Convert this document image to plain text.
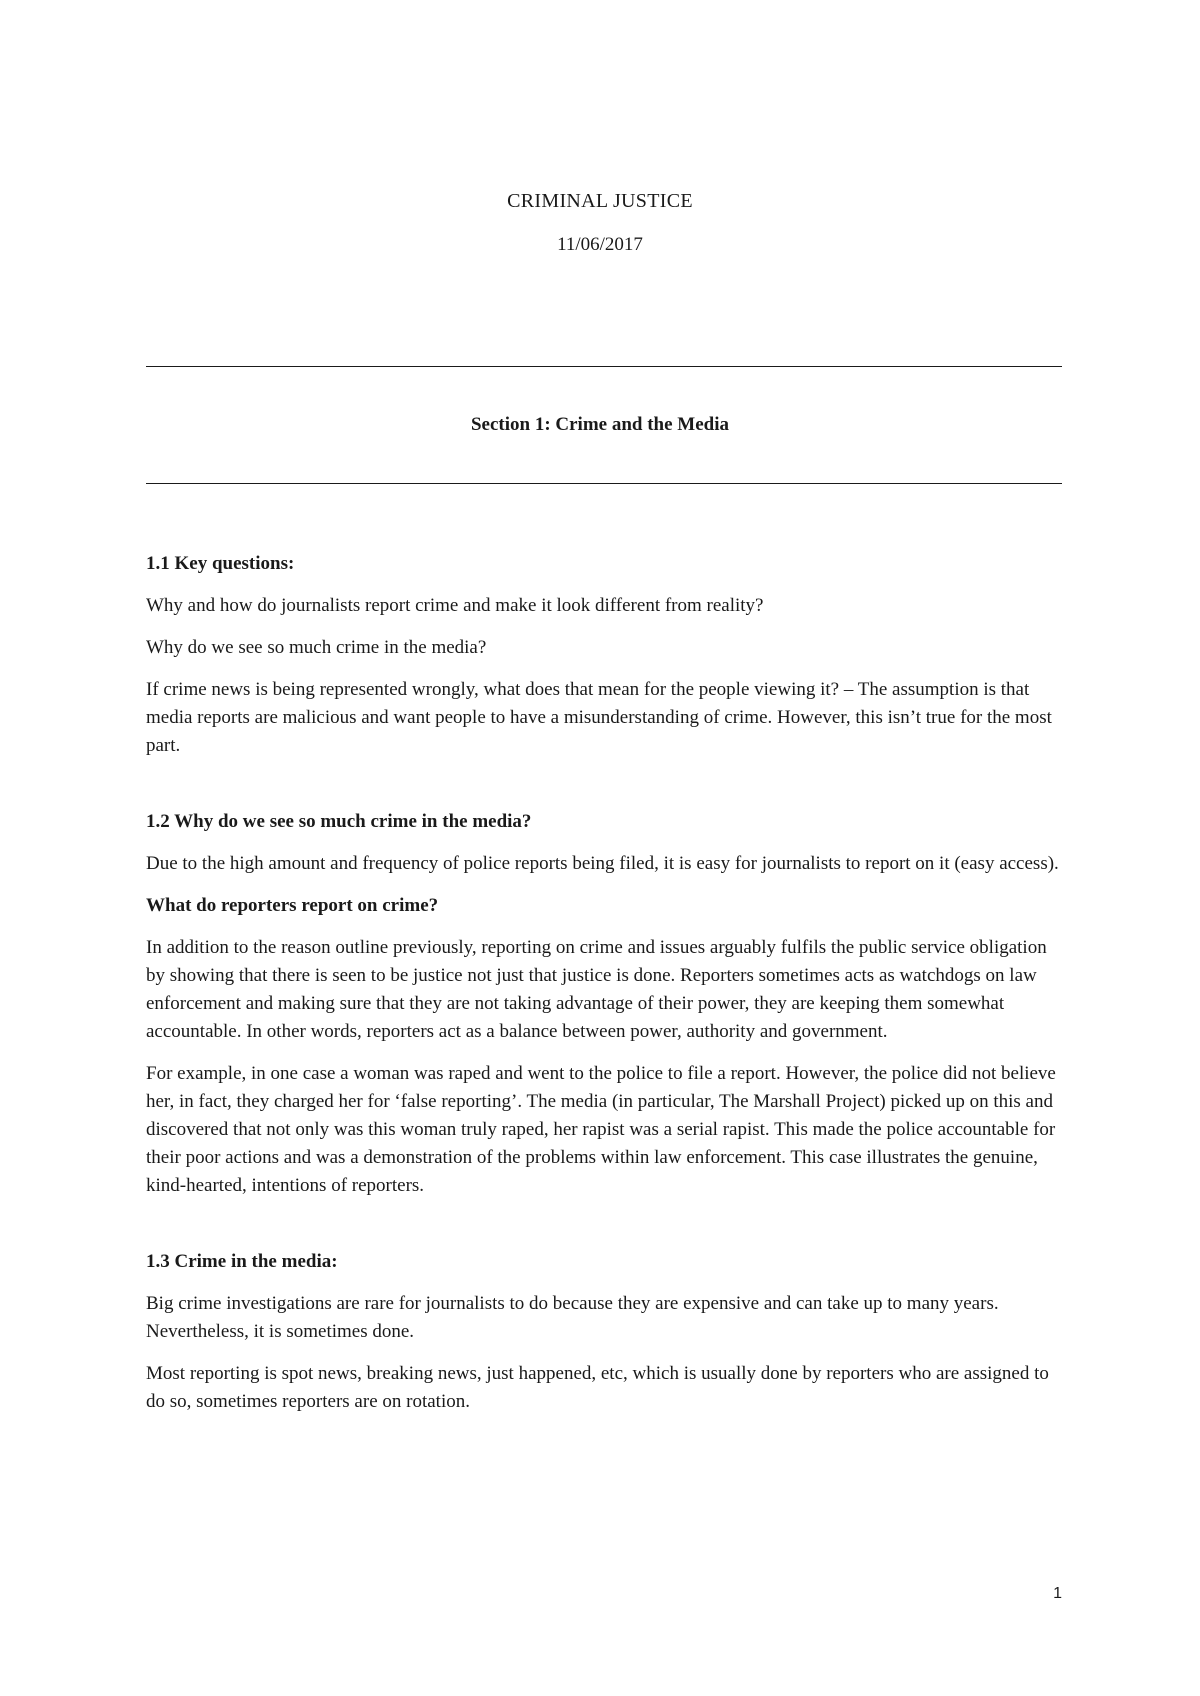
CRIMINAL JUSTICE
11/06/2017
Section 1: Crime and the Media
1.1 Key questions:

Why and how do journalists report crime and make it look different from reality?

Why do we see so much crime in the media?

If crime news is being represented wrongly, what does that mean for the people viewing it? – The assumption is that media reports are malicious and want people to have a misunderstanding of crime. However, this isn’t true for the most part.

1.2 Why do we see so much crime in the media?

Due to the high amount and frequency of police reports being filed, it is easy for journalists to report on it (easy access).

What do reporters report on crime?

In addition to the reason outline previously, reporting on crime and issues arguably fulfils the public service obligation by showing that there is seen to be justice not just that justice is done. Reporters sometimes acts as watchdogs on law enforcement and making sure that they are not taking advantage of their power, they are keeping them somewhat accountable. In other words, reporters act as a balance between power, authority and government.

For example, in one case a woman was raped and went to the police to file a report. However, the police did not believe her, in fact, they charged her for ‘false reporting’. The media (in particular, The Marshall Project) picked up on this and discovered that not only was this woman truly raped, her rapist was a serial rapist. This made the police accountable for their poor actions and was a demonstration of the problems within law enforcement. This case illustrates the genuine, kind-hearted, intentions of reporters.

1.3 Crime in the media:

Big crime investigations are rare for journalists to do because they are expensive and can take up to many years. Nevertheless, it is sometimes done.

Most reporting is spot news, breaking news, just happened, etc, which is usually done by reporters who are assigned to do so, sometimes reporters are on rotation.

1
